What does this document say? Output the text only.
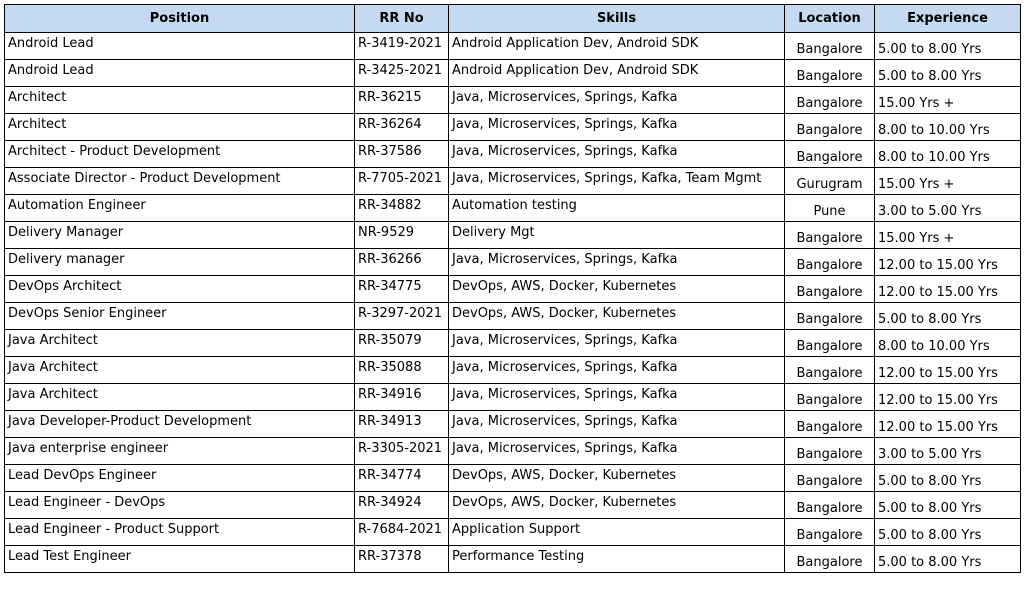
Position	RR No	Skills	Location	Experience
Android Lead	R-3419-2021	Android Application Dev, Android SDK	Bangalore	5.00 to 8.00 Yrs
Android Lead	R-3425-2021	Android Application Dev, Android SDK	Bangalore	5.00 to 8.00 Yrs
Architect	RR-36215	Java, Microservices, Springs, Kafka	Bangalore	15.00 Yrs +
Architect	RR-36264	Java, Microservices, Springs, Kafka	Bangalore	8.00 to 10.00 Yrs
Architect - Product Development	RR-37586	Java, Microservices, Springs, Kafka	Bangalore	8.00 to 10.00 Yrs
Associate Director - Product Development	R-7705-2021	Java, Microservices, Springs, Kafka, Team Mgmt	Gurugram	15.00 Yrs +
Automation Engineer	RR-34882	Automation testing	Pune	3.00 to 5.00 Yrs
Delivery Manager	NR-9529	Delivery Mgt	Bangalore	15.00 Yrs +
Delivery manager	RR-36266	Java, Microservices, Springs, Kafka	Bangalore	12.00 to 15.00 Yrs
DevOps Architect	RR-34775	DevOps, AWS, Docker, Kubernetes	Bangalore	12.00 to 15.00 Yrs
DevOps Senior Engineer	R-3297-2021	DevOps, AWS, Docker, Kubernetes	Bangalore	5.00 to 8.00 Yrs
Java Architect	RR-35079	Java, Microservices, Springs, Kafka	Bangalore	8.00 to 10.00 Yrs
Java Architect	RR-35088	Java, Microservices, Springs, Kafka	Bangalore	12.00 to 15.00 Yrs
Java Architect	RR-34916	Java, Microservices, Springs, Kafka	Bangalore	12.00 to 15.00 Yrs
Java Developer-Product Development	RR-34913	Java, Microservices, Springs, Kafka	Bangalore	12.00 to 15.00 Yrs
Java enterprise engineer	R-3305-2021	Java, Microservices, Springs, Kafka	Bangalore	3.00 to 5.00 Yrs
Lead DevOps Engineer	RR-34774	DevOps, AWS, Docker, Kubernetes	Bangalore	5.00 to 8.00 Yrs
Lead Engineer - DevOps	RR-34924	DevOps, AWS, Docker, Kubernetes	Bangalore	5.00 to 8.00 Yrs
Lead Engineer - Product Support	R-7684-2021	Application Support	Bangalore	5.00 to 8.00 Yrs
Lead Test Engineer	RR-37378	Performance Testing	Bangalore	5.00 to 8.00 Yrs
